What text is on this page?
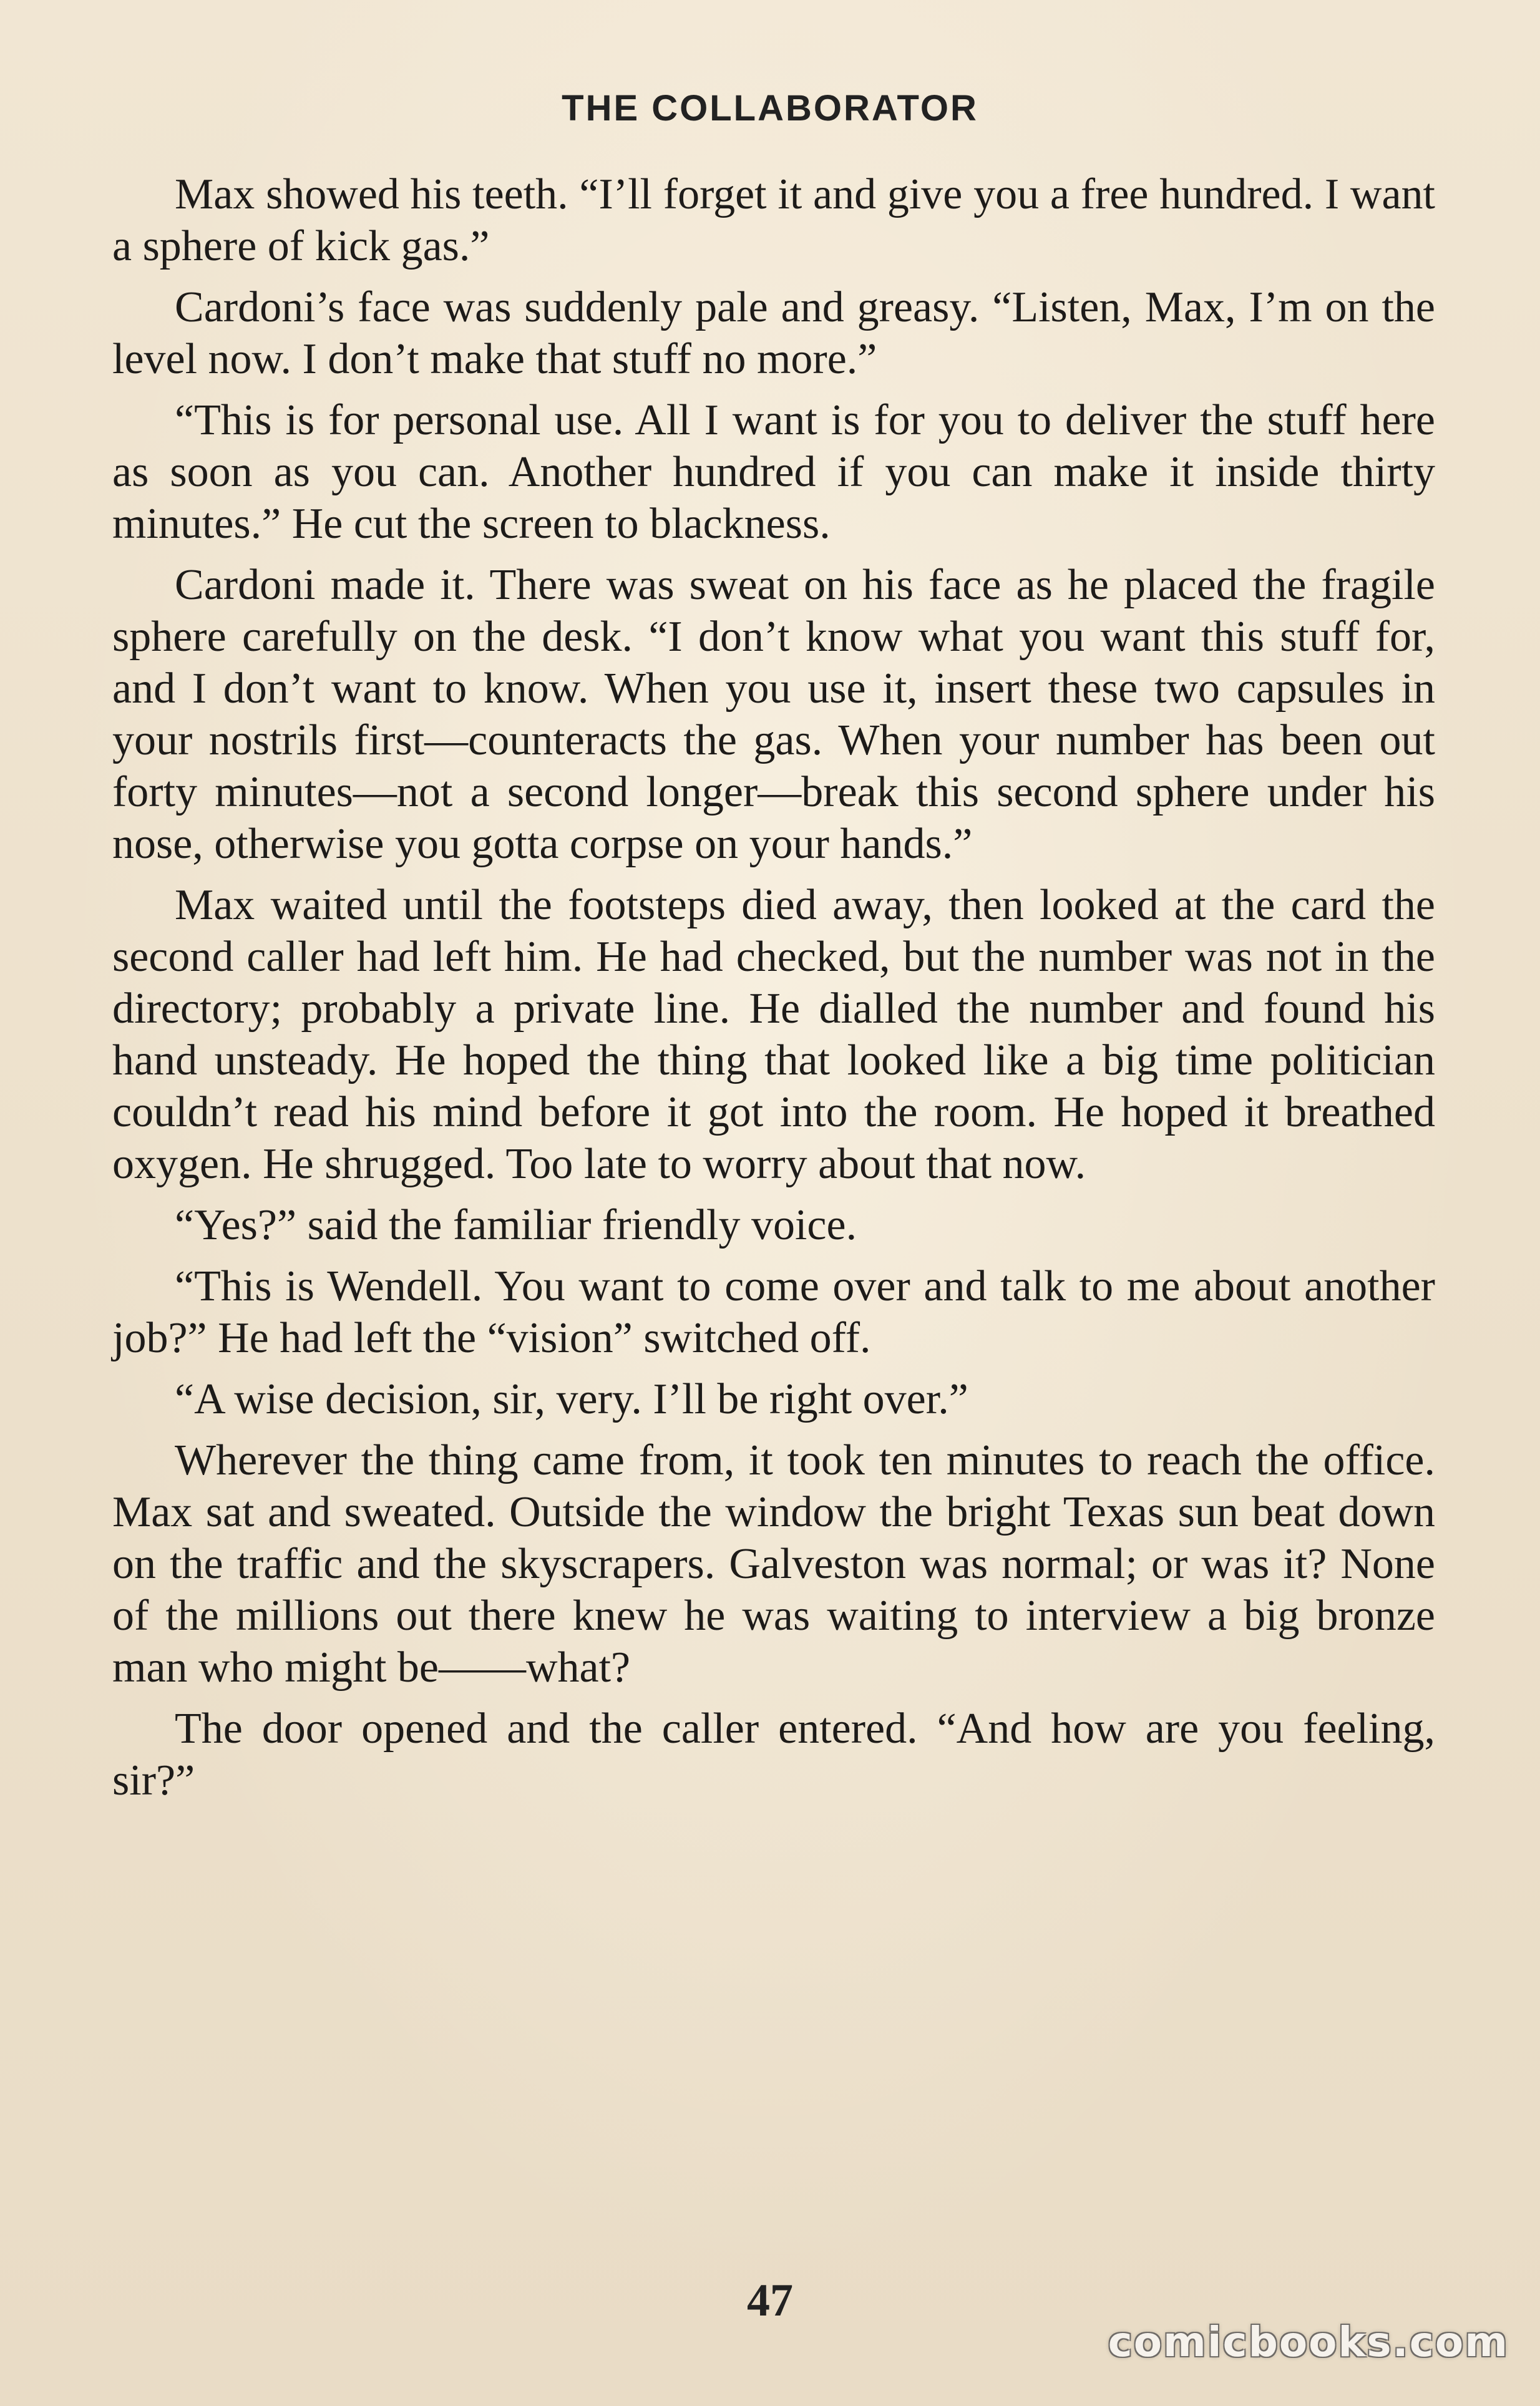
THE COLLABORATOR

Max showed his teeth. “I’ll forget it and give you a free hundred. I want a sphere of kick gas.”

Cardoni’s face was suddenly pale and greasy. “Listen, Max, I’m on the level now. I don’t make that stuff no more.”

“This is for personal use. All I want is for you to deliver the stuff here as soon as you can. Another hundred if you can make it inside thirty minutes.” He cut the screen to blackness.

Cardoni made it. There was sweat on his face as he placed the fragile sphere carefully on the desk. “I don’t know what you want this stuff for, and I don’t want to know. When you use it, insert these two capsules in your nostrils first—counteracts the gas. When your number has been out forty minutes—not a second longer—break this second sphere under his nose, otherwise you gotta corpse on your hands.”

Max waited until the footsteps died away, then looked at the card the second caller had left him. He had checked, but the number was not in the directory; probably a private line. He dialled the number and found his hand unsteady. He hoped the thing that looked like a big time politician couldn’t read his mind before it got into the room. He hoped it breathed oxygen. He shrugged. Too late to worry about that now.

“Yes?” said the familiar friendly voice.

“This is Wendell. You want to come over and talk to me about another job?” He had left the “vision” switched off.

“A wise decision, sir, very. I’ll be right over.”

Wherever the thing came from, it took ten minutes to reach the office. Max sat and sweated. Outside the window the bright Texas sun beat down on the traffic and the skyscrapers. Galveston was normal; or was it? None of the millions out there knew he was waiting to interview a big bronze man who might be——what?

The door opened and the caller entered. “And how are you feeling, sir?”

47
comicbooks.com
